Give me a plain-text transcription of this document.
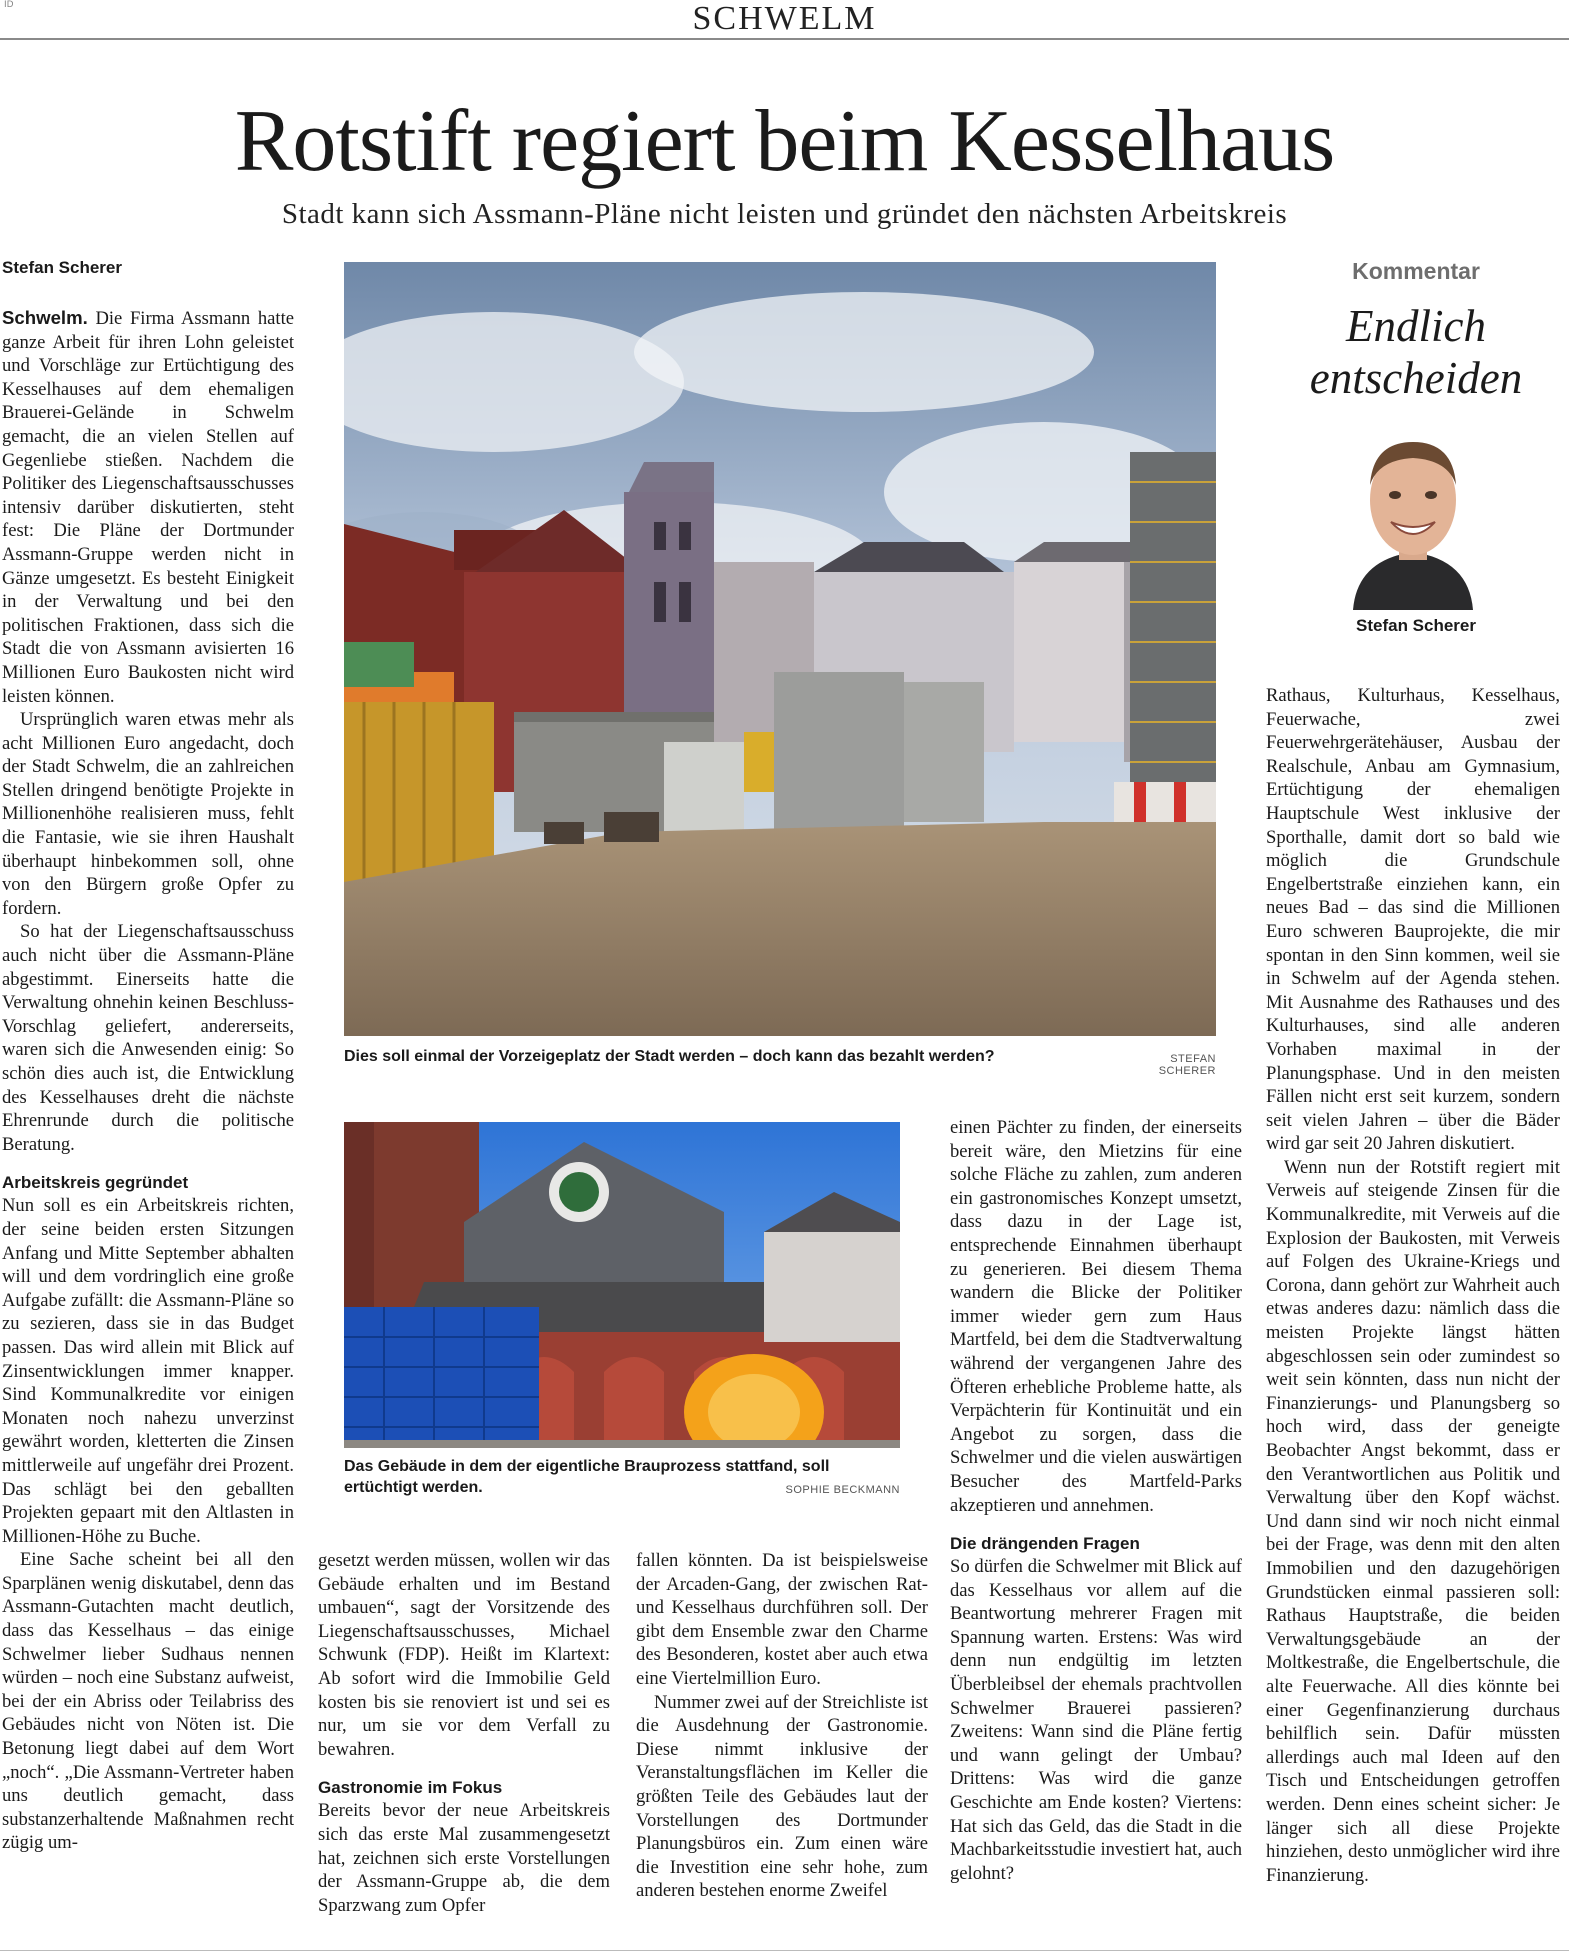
ID	SCHWELM
Rotstift regiert beim Kesselhaus
Stadt kann sich Assmann-Pläne nicht leisten und gründet den nächsten Arbeitskreis
Stefan Scherer

Schwelm. Die Firma Assmann hatte ganze Arbeit für ihren Lohn geleistet und Vorschläge zur Ertüchtigung des Kesselhauses auf dem ehemaligen Brauerei-Gelände in Schwelm gemacht, die an vielen Stellen auf Gegenliebe stießen. Nachdem die Politiker des Liegenschaftsausschusses intensiv darüber diskutierten, steht fest: Die Pläne der Dortmunder Assmann-Gruppe werden nicht in Gänze umgesetzt. Es besteht Einigkeit in der Verwaltung und bei den politischen Fraktionen, dass sich die Stadt die von Assmann avisierten 16 Millionen Euro Baukosten nicht wird leisten können.

Ursprünglich waren etwas mehr als acht Millionen Euro angedacht, doch der Stadt Schwelm, die an zahlreichen Stellen dringend benötigte Projekte in Millionenhöhe realisieren muss, fehlt die Fantasie, wie sie ihren Haushalt überhaupt hinbekommen soll, ohne von den Bürgern große Opfer zu fordern.

So hat der Liegenschaftsausschuss auch nicht über die Assmann-Pläne abgestimmt. Einerseits hatte die Verwaltung ohnehin keinen Beschluss-Vorschlag geliefert, andererseits, waren sich die Anwesenden einig: So schön dies auch ist, die Entwicklung des Kesselhauses dreht die nächste Ehrenrunde durch die politische Beratung.

Arbeitskreis gegründet

Nun soll es ein Arbeitskreis richten, der seine beiden ersten Sitzungen Anfang und Mitte September abhalten will und dem vordringlich eine große Aufgabe zufällt: die Assmann-Pläne so zu sezieren, dass sie in das Budget passen. Das wird allein mit Blick auf Zinsentwicklungen immer knapper. Sind Kommunalkredite vor einigen Monaten noch nahezu unverzinst gewährt worden, kletterten die Zinsen mittlerweile auf ungefähr drei Prozent. Das schlägt bei den geballten Projekten gepaart mit den Altlasten in Millionen-Höhe zu Buche.

Eine Sache scheint bei all den Sparplänen wenig diskutabel, denn das Assmann-Gutachten macht deutlich, dass das Kesselhaus – das einige Schwelmer lieber Sudhaus nennen würden – noch eine Substanz aufweist, bei der ein Abriss oder Teilabriss des Gebäudes nicht von Nöten ist. Die Betonung liegt dabei auf dem Wort „noch“. „Die Assmann-Vertreter haben uns deutlich gemacht, dass substanzerhaltende Maßnahmen recht zügig um-

Dies soll einmal der Vorzeigeplatz der Stadt werden – doch kann das bezahlt werden?	STEFAN SCHERER
Das Gebäude in dem der eigentliche Brauprozess stattfand, soll ertüchtigt werden.	SOPHIE BECKMANN

gesetzt werden müssen, wollen wir das Gebäude erhalten und im Bestand umbauen“, sagt der Vorsitzende des Liegenschaftsausschusses, Michael Schwunk (FDP). Heißt im Klartext: Ab sofort wird die Immobilie Geld kosten bis sie renoviert ist und sei es nur, um sie vor dem Verfall zu bewahren.

Gastronomie im Fokus

Bereits bevor der neue Arbeitskreis sich das erste Mal zusammengesetzt hat, zeichnen sich erste Vorstellungen der Assmann-Gruppe ab, die dem Sparzwang zum Opfer

fallen könnten. Da ist beispielsweise der Arcaden-Gang, der zwischen Rat- und Kesselhaus durchführen soll. Der gibt dem Ensemble zwar den Charme des Besonderen, kostet aber auch etwa eine Viertelmillion Euro.

Nummer zwei auf der Streichliste ist die Ausdehnung der Gastronomie. Diese nimmt inklusive der Veranstaltungsflächen im Keller die größten Teile des Gebäudes laut der Vorstellungen des Dortmunder Planungsbüros ein. Zum einen wäre die Investition eine sehr hohe, zum anderen bestehen enorme Zweifel

einen Pächter zu finden, der einerseits bereit wäre, den Mietzins für eine solche Fläche zu zahlen, zum anderen ein gastronomisches Konzept umsetzt, dass dazu in der Lage ist, entsprechende Einnahmen überhaupt zu generieren. Bei diesem Thema wandern die Blicke der Politiker immer wieder gern zum Haus Martfeld, bei dem die Stadtverwaltung während der vergangenen Jahre des Öfteren erhebliche Probleme hatte, als Verpächterin für Kontinuität und ein Angebot zu sorgen, dass die Schwelmer und die vielen auswärtigen Besucher des Martfeld-Parks akzeptieren und annehmen.

Die drängenden Fragen

So dürfen die Schwelmer mit Blick auf das Kesselhaus vor allem auf die Beantwortung mehrerer Fragen mit Spannung warten. Erstens: Was wird denn nun endgültig im letzten Überbleibsel der ehemals prachtvollen Schwelmer Brauerei passieren? Zweitens: Wann sind die Pläne fertig und wann gelingt der Umbau? Drittens: Was wird die ganze Geschichte am Ende kosten? Viertens: Hat sich das Geld, das die Stadt in die Machbarkeitsstudie investiert hat, auch gelohnt?

Kommentar
Endlich
entscheiden
Stefan Scherer

Rathaus, Kulturhaus, Kesselhaus, Feuerwache, zwei Feuerwehrgerätehäuser, Ausbau der Realschule, Anbau am Gymnasium, Ertüchtigung der ehemaligen Hauptschule West inklusive der Sporthalle, damit dort so bald wie möglich die Grundschule Engelbertstraße einziehen kann, ein neues Bad – das sind die Millionen Euro schweren Bauprojekte, die mir spontan in den Sinn kommen, weil sie in Schwelm auf der Agenda stehen. Mit Ausnahme des Rathauses und des Kulturhauses, sind alle anderen Vorhaben maximal in der Planungsphase. Und in den meisten Fällen nicht erst seit kurzem, sondern seit vielen Jahren – über die Bäder wird gar seit 20 Jahren diskutiert.

Wenn nun der Rotstift regiert mit Verweis auf steigende Zinsen für die Kommunalkredite, mit Verweis auf die Explosion der Baukosten, mit Verweis auf Folgen des Ukraine-Kriegs und Corona, dann gehört zur Wahrheit auch etwas anderes dazu: nämlich dass die meisten Projekte längst hätten abgeschlossen sein oder zumindest so weit sein könnten, dass nun nicht der Finanzierungs- und Planungsberg so hoch wird, dass der geneigte Beobachter Angst bekommt, dass er den Verantwortlichen aus Politik und Verwaltung über den Kopf wächst. Und dann sind wir noch nicht einmal bei der Frage, was denn mit den alten Immobilien und den dazugehörigen Grundstücken einmal passieren soll: Rathaus Hauptstraße, die beiden Verwaltungsgebäude an der Moltkestraße, die Engelbertschule, die alte Feuerwache. All dies könnte bei einer Gegenfinanzierung durchaus behilflich sein. Dafür müssten allerdings auch mal Ideen auf den Tisch und Entscheidungen getroffen werden. Denn eines scheint sicher: Je länger sich all diese Projekte hinziehen, desto unmöglicher wird ihre Finanzierung.
